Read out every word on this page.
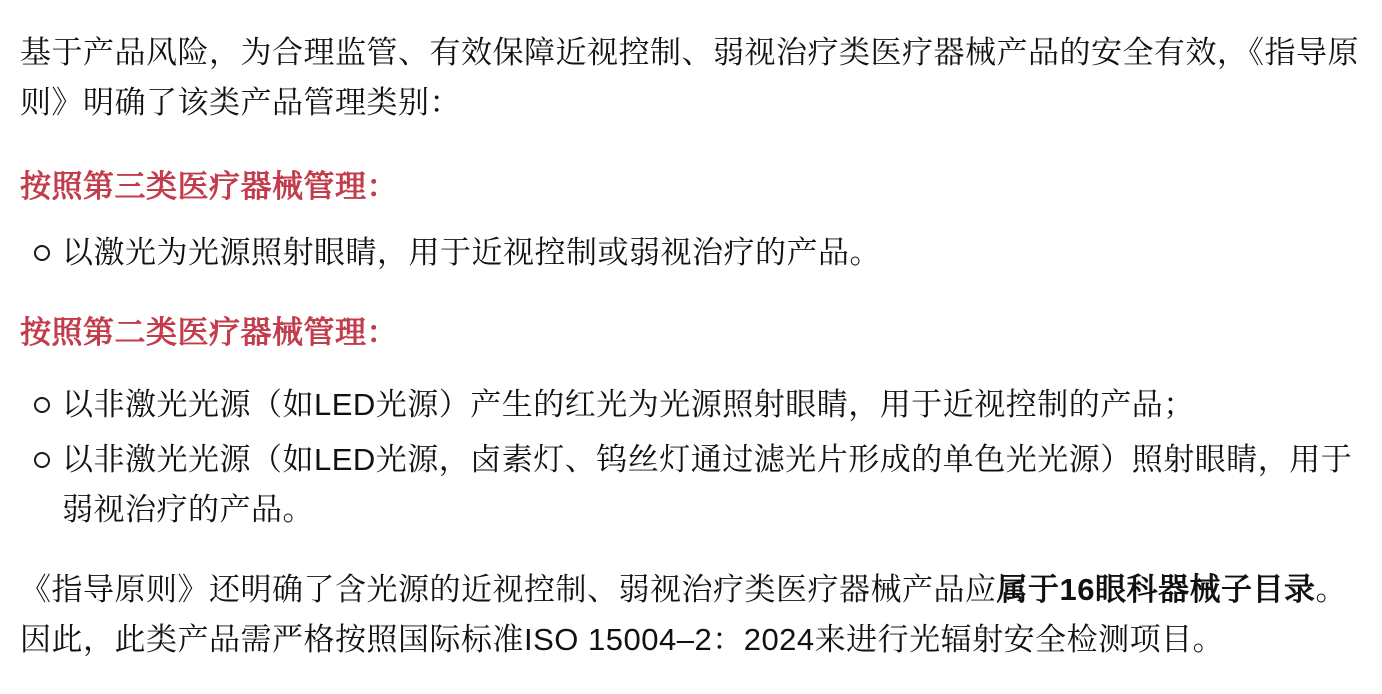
基于产品风险，为合理监管、有效保障近视控制、弱视治疗类医疗器械产品的安全有效，《指导原则》明确了该类产品管理类别：

按照第三类医疗器械管理：

以激光为光源照射眼睛，用于近视控制或弱视治疗的产品。

按照第二类医疗器械管理：

以非激光光源（如LED光源）产生的红光为光源照射眼睛，用于近视控制的产品；
以非激光光源（如LED光源，卤素灯、钨丝灯通过滤光片形成的单色光光源）照射眼睛，用于弱视治疗的产品。

《指导原则》还明确了含光源的近视控制、弱视治疗类医疗器械产品应属于16眼科器械子目录。因此，此类产品需严格按照国际标准ISO 15004–2：2024来进行光辐射安全检测项目。
